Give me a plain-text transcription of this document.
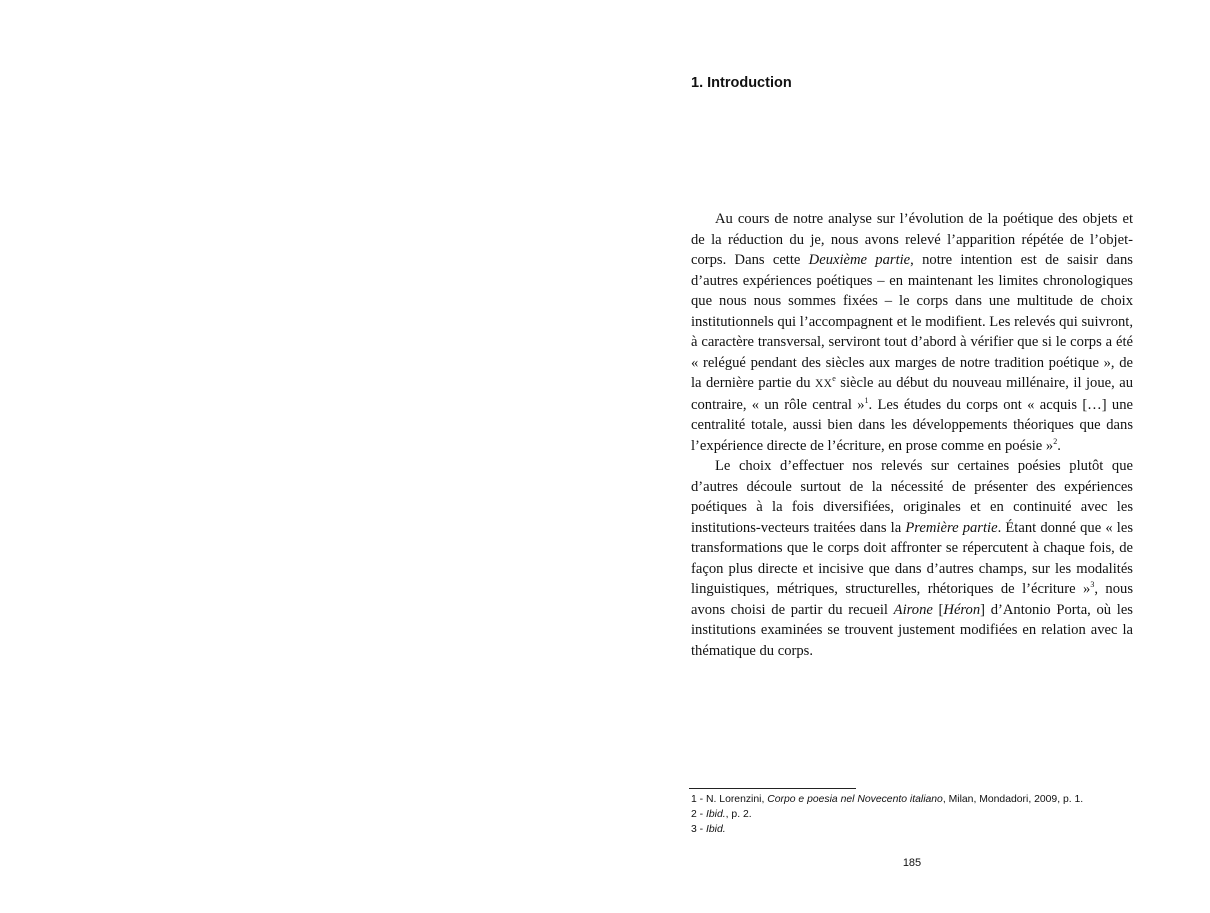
1. Introduction

Au cours de notre analyse sur l’évolution de la poétique des objets et de la réduction du je, nous avons relevé l’apparition répétée de l’objet-corps. Dans cette Deuxième partie, notre intention est de saisir dans d’autres expériences poétiques – en maintenant les limites chronologiques que nous nous sommes fixées – le corps dans une multitude de choix institutionnels qui l’accompagnent et le modifient. Les relevés qui suivront, à caractère transversal, serviront tout d’abord à vérifier que si le corps a été « relégué pendant des siècles aux marges de notre tradition poétique », de la dernière partie du XXe siècle au début du nouveau millénaire, il joue, au contraire, « un rôle central »$^1$. Les études du corps ont « acquis […] une centralité totale, aussi bien dans les développements théoriques que dans l’expérience directe de l’écriture, en prose comme en poésie »$^2$.

Le choix d’effectuer nos relevés sur certaines poésies plutôt que d’autres découle surtout de la nécessité de présenter des expériences poétiques à la fois diversifiées, originales et en continuité avec les institutions-vecteurs traitées dans la Première partie. Étant donné que « les transformations que le corps doit affronter se répercutent à chaque fois, de façon plus directe et incisive que dans d’autres champs, sur les modalités linguistiques, métriques, structurelles, rhétoriques de l’écriture »$^3$, nous avons choisi de partir du recueil Airone [Héron] d’Antonio Porta, où les institutions examinées se trouvent justement modifiées en relation avec la thématique du corps.

1 - N. Lorenzini, Corpo e poesia nel Novecento italiano, Milan, Mondadori, 2009, p. 1.
2 - Ibid., p. 2.
3 - Ibid.
185
